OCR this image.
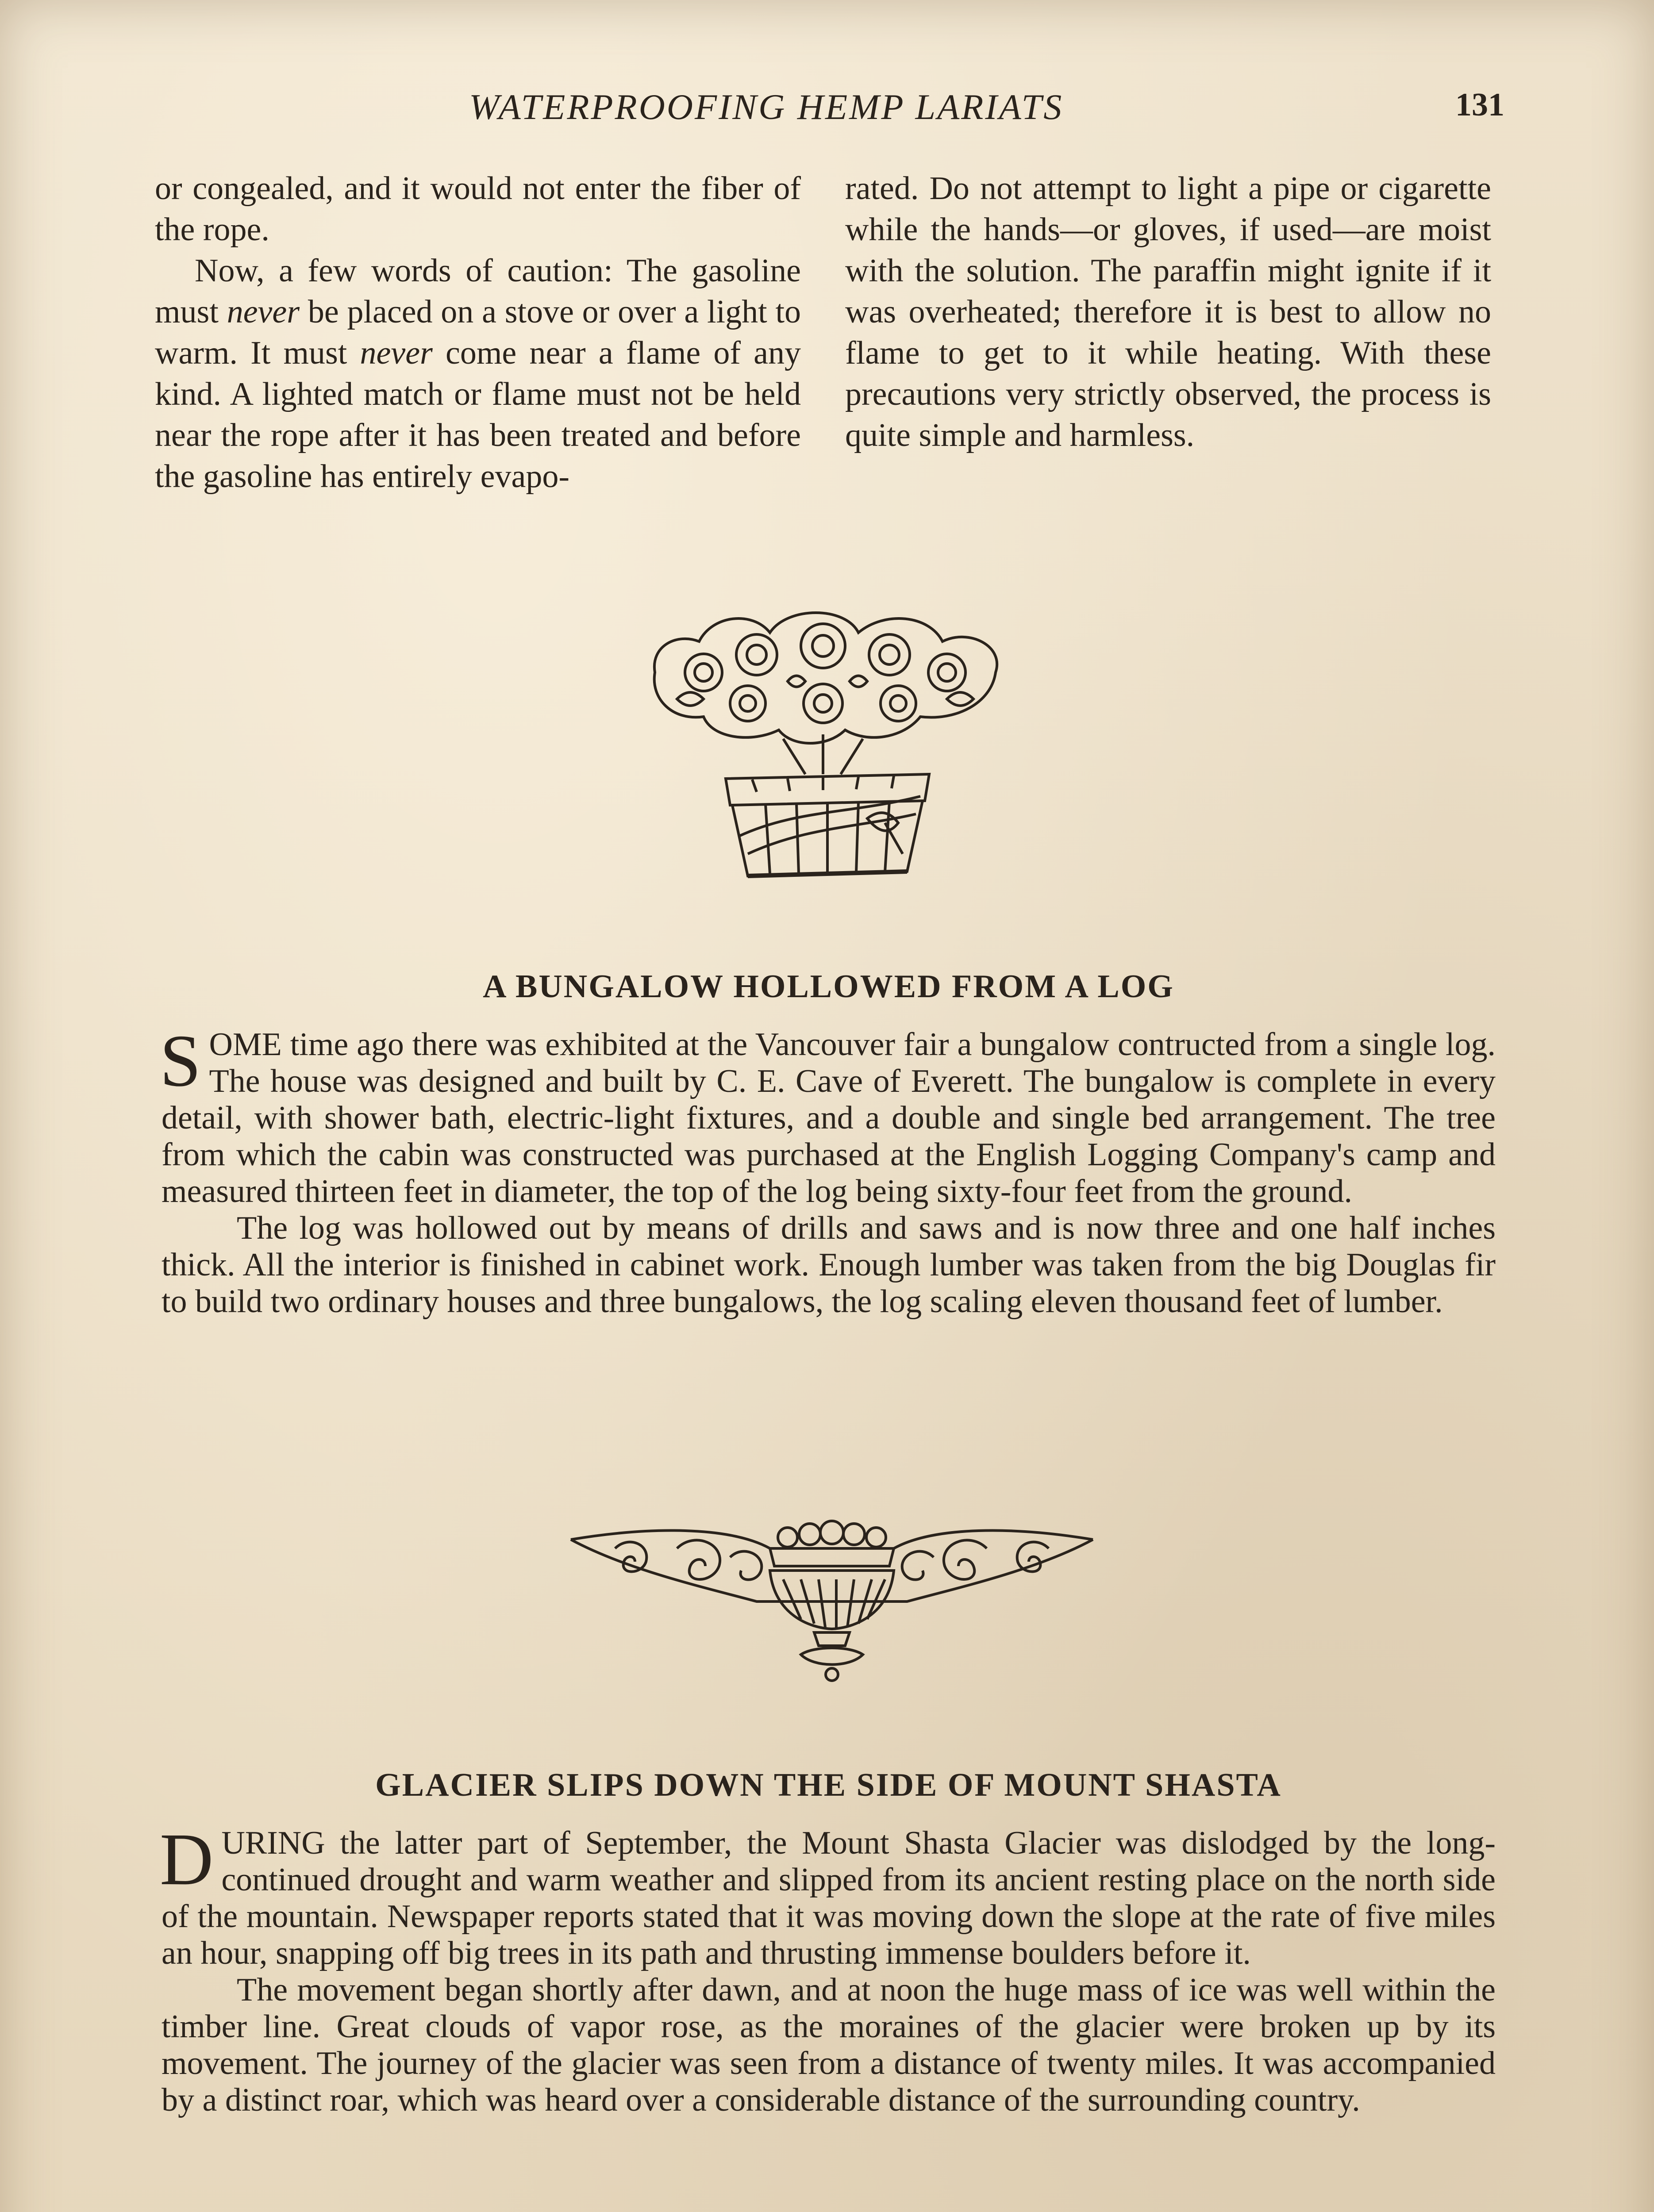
WATERPROOFING HEMP LARIATS	131

or congealed, and it would not enter the fiber of the rope.

Now, a few words of caution: The gasoline must never be placed on a stove or over a light to warm. It must never come near a flame of any kind. A lighted match or flame must not be held near the rope after it has been treated and before the gasoline has entirely evapo-

rated. Do not attempt to light a pipe or cigarette while the hands—or gloves, if used—are moist with the solution. The paraffin might ignite if it was overheated; therefore it is best to allow no flame to get to it while heating. With these precautions very strictly observed, the process is quite simple and harmless.

A BUNGALOW HOLLOWED FROM A LOG

SOME time ago there was exhibited at the Vancouver fair a bungalow contructed from a single log. The house was designed and built by C. E. Cave of Everett. The bungalow is complete in every detail, with shower bath, electric-light fixtures, and a double and single bed arrangement. The tree from which the cabin was constructed was purchased at the English Logging Company's camp and measured thirteen feet in diameter, the top of the log being sixty-four feet from the ground.

The log was hollowed out by means of drills and saws and is now three and one half inches thick. All the interior is finished in cabinet work. Enough lumber was taken from the big Douglas fir to build two ordinary houses and three bungalows, the log scaling eleven thousand feet of lumber.

GLACIER SLIPS DOWN THE SIDE OF MOUNT SHASTA

DURING the latter part of September, the Mount Shasta Glacier was dislodged by the long-continued drought and warm weather and slipped from its ancient resting place on the north side of the mountain. Newspaper reports stated that it was moving down the slope at the rate of five miles an hour, snapping off big trees in its path and thrusting immense boulders before it.

The movement began shortly after dawn, and at noon the huge mass of ice was well within the timber line. Great clouds of vapor rose, as the moraines of the glacier were broken up by its movement. The journey of the glacier was seen from a distance of twenty miles. It was accompanied by a distinct roar, which was heard over a considerable distance of the surrounding country.
